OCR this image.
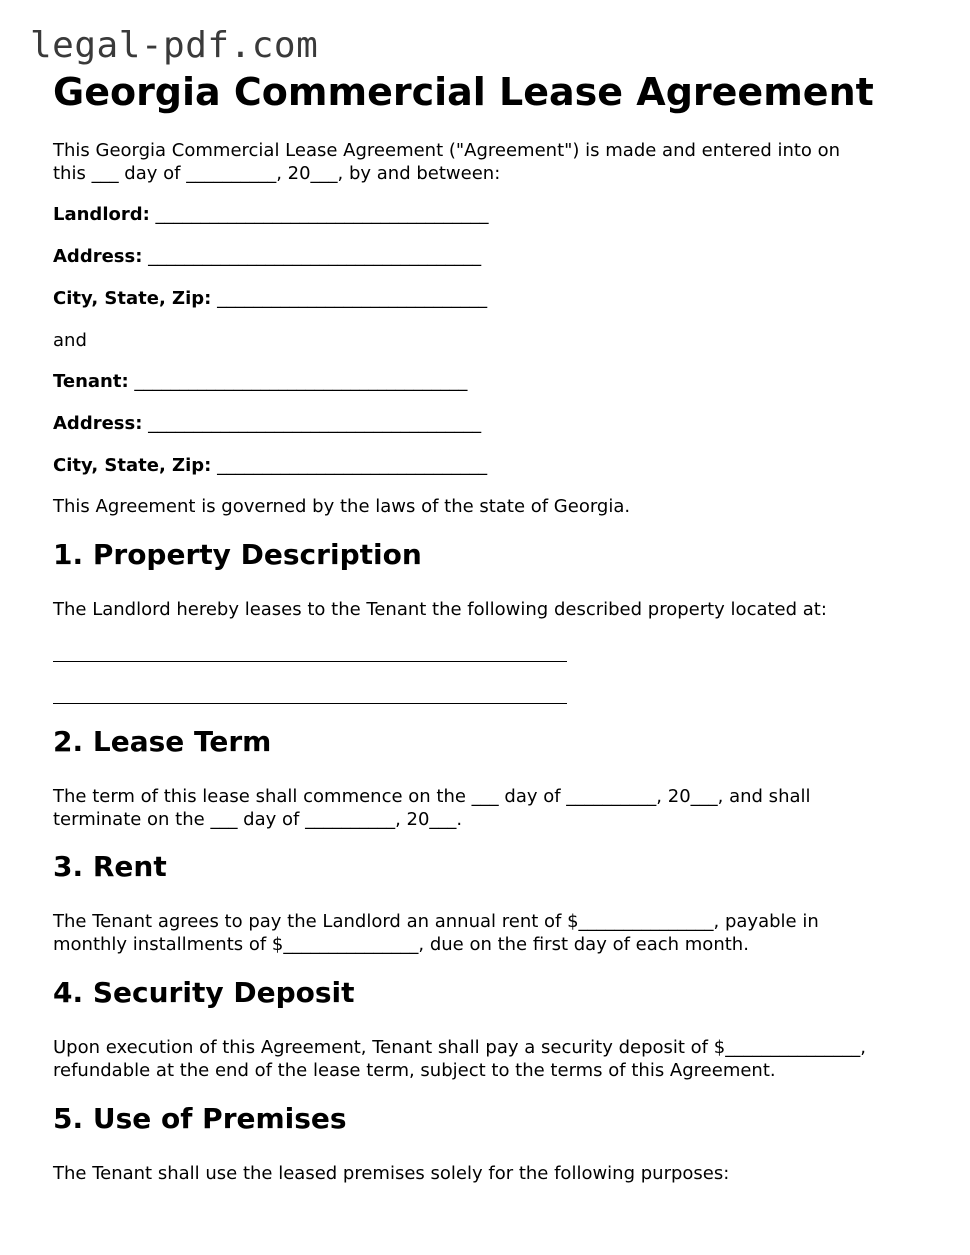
legal-pdf.com
Georgia Commercial Lease Agreement

This Georgia Commercial Lease Agreement ("Agreement") is made and entered into on
this ___ day of __________, 20___, by and between:

Landlord: _____________________________________

Address: _____________________________________

City, State, Zip: ______________________________

and

Tenant: _____________________________________

Address: _____________________________________

City, State, Zip: ______________________________

This Agreement is governed by the laws of the state of Georgia.

1. Property Description

The Landlord hereby leases to the Tenant the following described property located at:

2. Lease Term

The term of this lease shall commence on the ___ day of __________, 20___, and shall
terminate on the ___ day of __________, 20___.

3. Rent

The Tenant agrees to pay the Landlord an annual rent of $_______________, payable in
monthly installments of $_______________, due on the first day of each month.

4. Security Deposit

Upon execution of this Agreement, Tenant shall pay a security deposit of $_______________,
refundable at the end of the lease term, subject to the terms of this Agreement.

5. Use of Premises

The Tenant shall use the leased premises solely for the following purposes:
